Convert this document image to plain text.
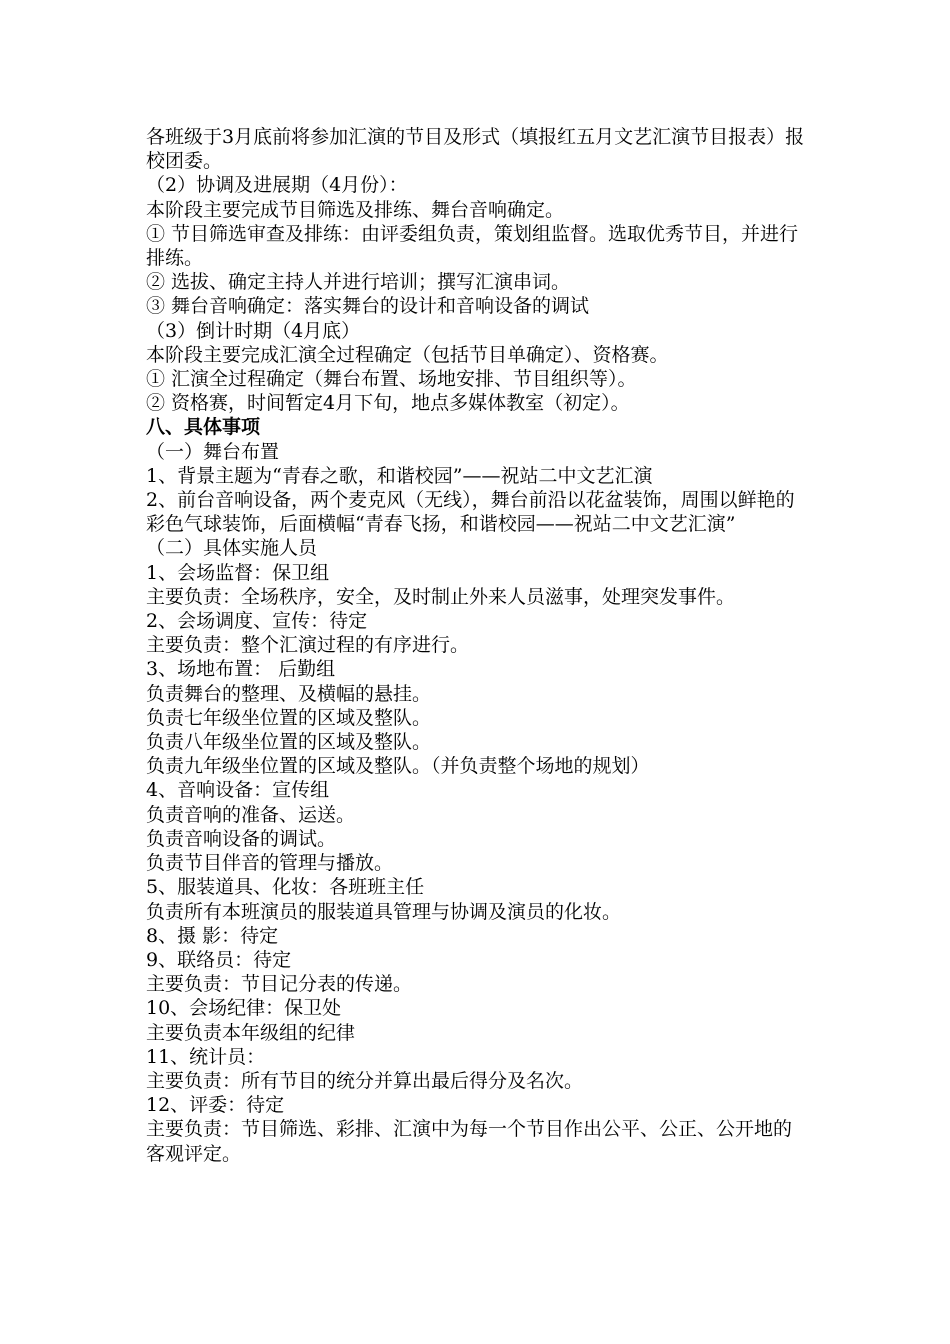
各班级于3月底前将参加汇演的节目及形式（填报红五月文艺汇演节目报表）报校团委。

（2）协调及进展期（4月份）：

本阶段主要完成节目筛选及排练、舞台音响确定。

① 节目筛选审查及排练：由评委组负责，策划组监督。选取优秀节目，并进行排练。

② 选拔、确定主持人并进行培训；撰写汇演串词。

③ 舞台音响确定：落实舞台的设计和音响设备的调试

（3）倒计时期（4月底）

本阶段主要完成汇演全过程确定（包括节目单确定）、资格赛。

① 汇演全过程确定（舞台布置、场地安排、节目组织等）。

② 资格赛，时间暂定4月下旬，地点多媒体教室（初定）。

八、具体事项

（一）舞台布置

1、背景主题为“青春之歌，和谐校园”——祝站二中文艺汇演

2、前台音响设备，两个麦克风（无线），舞台前沿以花盆装饰，周围以鲜艳的彩色气球装饰，后面横幅“青春飞扬，和谐校园——祝站二中文艺汇演”

（二）具体实施人员

1、会场监督：保卫组

主要负责：全场秩序，安全，及时制止外来人员滋事，处理突发事件。

2、会场调度、宣传：待定

主要负责：整个汇演过程的有序进行。

3、场地布置： 后勤组

负责舞台的整理、及横幅的悬挂。

负责七年级坐位置的区域及整队。

负责八年级坐位置的区域及整队。

负责九年级坐位置的区域及整队。（并负责整个场地的规划）

4、音响设备：宣传组

负责音响的准备、运送。

负责音响设备的调试。

负责节目伴音的管理与播放。

5、服装道具、化妆：各班班主任

负责所有本班演员的服装道具管理与协调及演员的化妆。

8、摄 影：待定

9、联络员：待定

主要负责：节目记分表的传递。

10、会场纪律：保卫处

主要负责本年级组的纪律

11、统计员：

主要负责：所有节目的统分并算出最后得分及名次。

12、评委：待定

主要负责：节目筛选、彩排、汇演中为每一个节目作出公平、公正、公开地的客观评定。
